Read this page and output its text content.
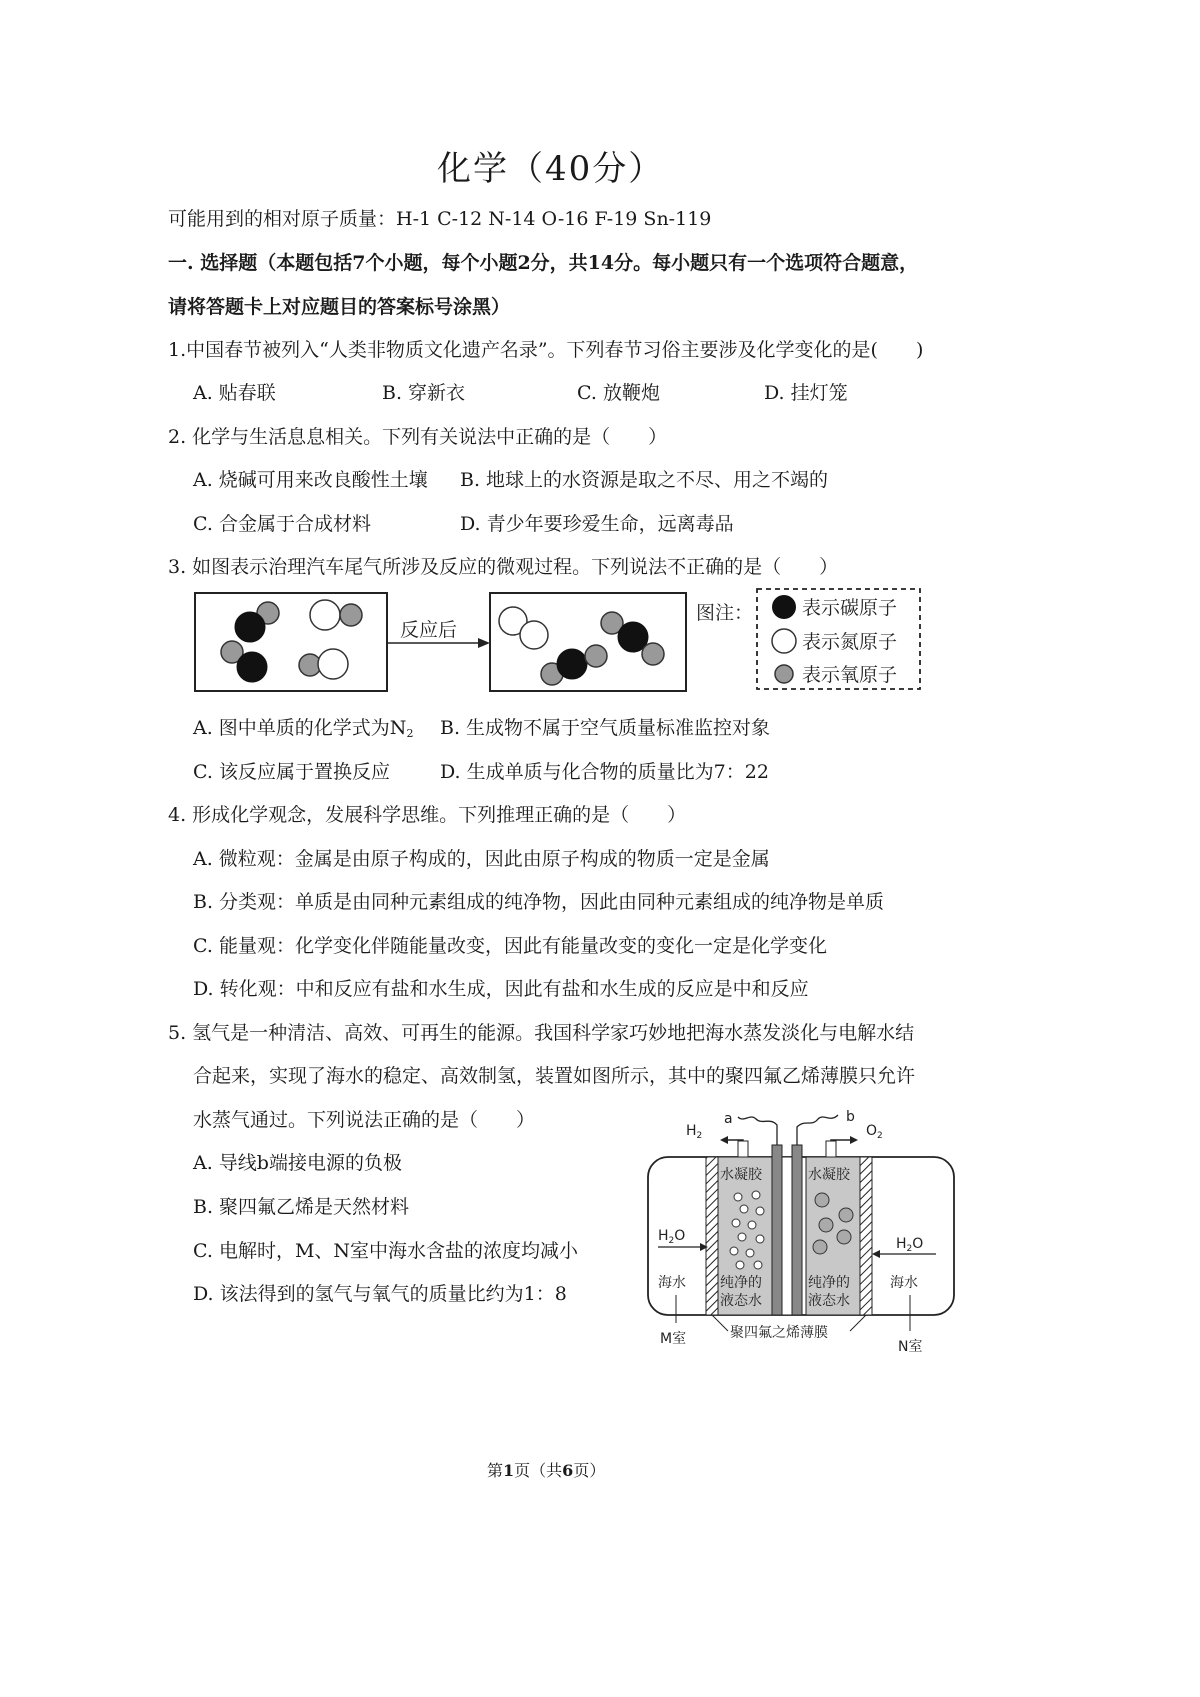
化学（40分）
可能用到的相对原子质量：H-1 C-12 N-14 O-16 F-19 Sn-119
一. 选择题（本题包括7个小题，每个小题2分，共14分。每小题只有一个选项符合题意，
请将答题卡上对应题目的答案标号涂黑）
1.中国春节被列入“人类非物质文化遗产名录”。下列春节习俗主要涉及化学变化的是(　　)
A. 贴春联	B. 穿新衣	C. 放鞭炮	D. 挂灯笼
2. 化学与生活息息相关。下列有关说法中正确的是（　　）
A. 烧碱可用来改良酸性土壤 B. 地球上的水资源是取之不尽、用之不竭的
C. 合金属于合成材料	D. 青少年要珍爱生命，远离毒品
3. 如图表示治理汽车尾气所涉及反应的微观过程。下列说法不正确的是（　　）
反应后
图注：	表示碳原子
表示氮原子
表示氧原子
A. 图中单质的化学式为$N_2$ B. 生成物不属于空气质量标准监控对象
C. 该反应属于置换反应	D. 生成单质与化合物的质量比为7：22
4. 形成化学观念，发展科学思维。下列推理正确的是（　　）
A. 微粒观：金属是由原子构成的，因此由原子构成的物质一定是金属
B. 分类观：单质是由同种元素组成的纯净物，因此由同种元素组成的纯净物是单质
C. 能量观：化学变化伴随能量改变，因此有能量改变的变化一定是化学变化
D. 转化观：中和反应有盐和水生成，因此有盐和水生成的反应是中和反应
5. 氢气是一种清洁、高效、可再生的能源。我国科学家巧妙地把海水蒸发淡化与电解水结
合起来，实现了海水的稳定、高效制氢，装置如图所示，其中的聚四氟乙烯薄膜只允许
水蒸气通过。下列说法正确的是（　　）
A. 导线b端接电源的负极
B. 聚四氟乙烯是天然材料
C. 电解时，M、N室中海水含盐的浓度均减小
D. 该法得到的氢气与氧气的质量比约为1：8
a	b
$H_2$	$O_2$
水凝胶	水凝胶
纯净的
液态水
纯净的
液态水
$H_2O$	$H_2O$
海水	海水
M室	N室
聚四氟之烯薄膜
第1页（共6页）
